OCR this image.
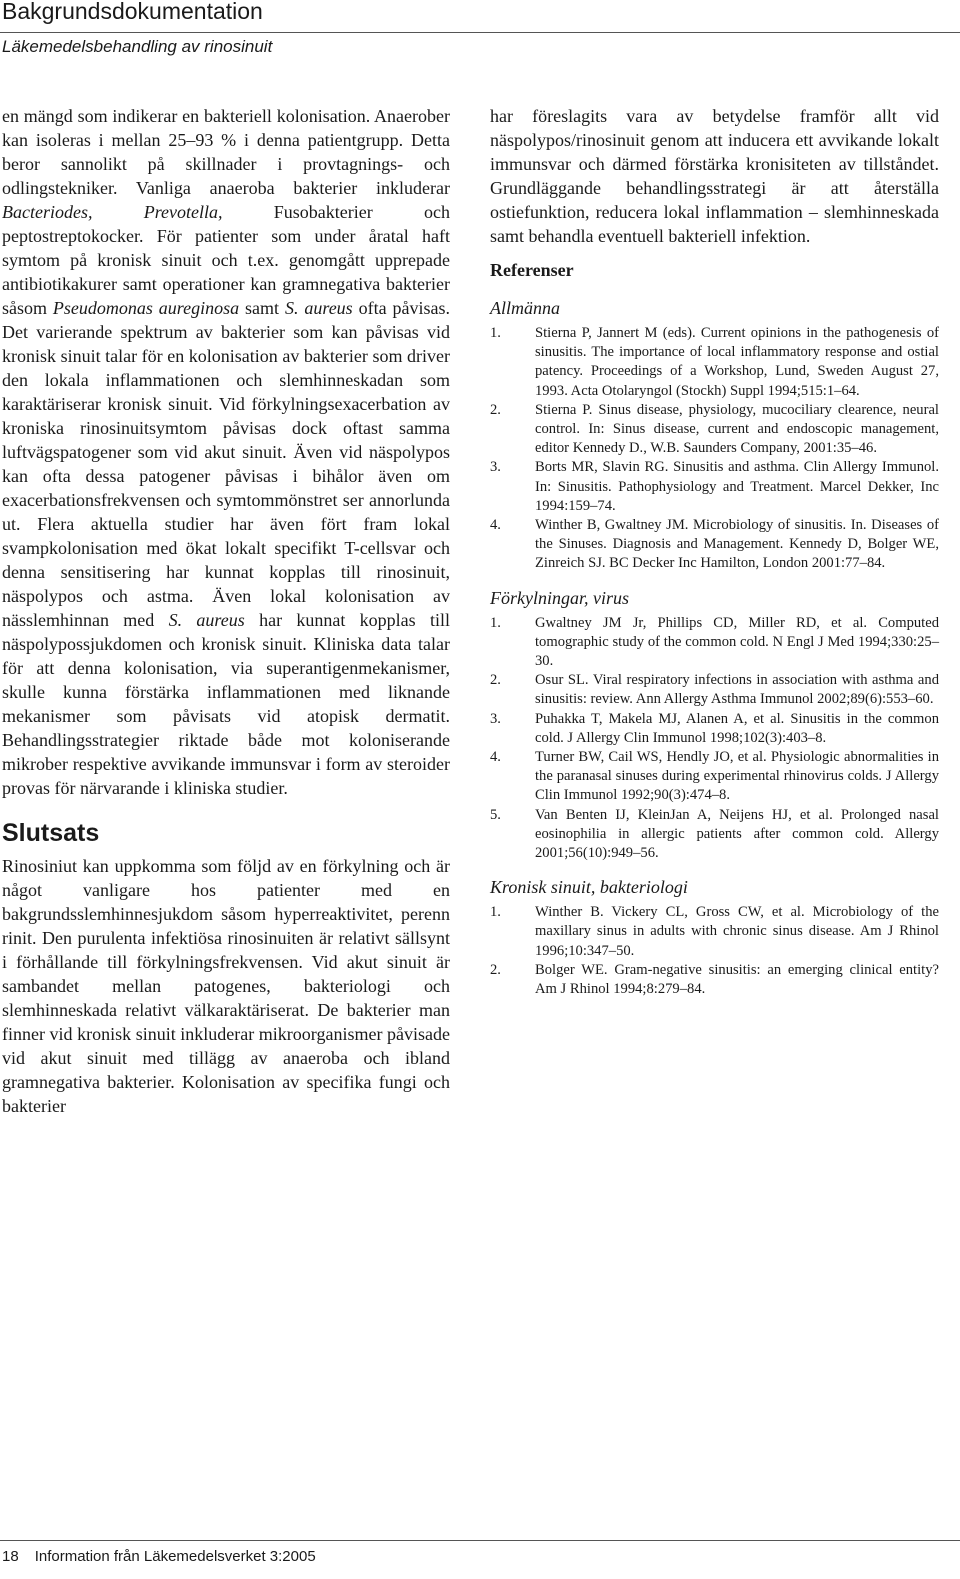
Bakgrundsdokumentation
Läkemedelsbehandling av rinosinuit

en mängd som indikerar en bakteriell kolonisation. Anaerober kan isoleras i mellan 25–93 % i denna patientgrupp. Detta beror sannolikt på skillnader i provtagnings- och odlingstekniker. Vanliga anaeroba bakterier inkluderar Bacteriodes, Prevotella, Fusobakterier och peptostreptokocker. För patienter som under åratal haft symtom på kronisk sinuit och t.ex. genomgått upprepade antibiotikakurer samt operationer kan gramnegativa bakterier såsom Pseudomonas aureginosa samt S. aureus ofta påvisas. Det varierande spektrum av bakterier som kan påvisas vid kronisk sinuit talar för en kolonisation av bakterier som driver den lokala inflammationen och slemhinneskadan som karaktäriserar kronisk sinuit. Vid förkylningsexacerbation av kroniska rinosinuitsymtom påvisas dock oftast samma luftvägspatogener som vid akut sinuit. Även vid näspolypos kan ofta dessa patogener påvisas i bihålor även om exacerbationsfrekvensen och symtommönstret ser annorlunda ut. Flera aktuella studier har även fört fram lokal svampkolonisation med ökat lokalt specifikt T-cellsvar och denna sensitisering har kunnat kopplas till rinosinuit, näspolypos och astma. Även lokal kolonisation av nässlemhinnan med S. aureus har kunnat kopplas till näspolypossjukdomen och kronisk sinuit. Kliniska data talar för att denna kolonisation, via superantigenmekanismer, skulle kunna förstärka inflammationen med liknande mekanismer som påvisats vid atopisk dermatit. Behandlingsstrategier riktade både mot koloniserande mikrober respektive avvikande immunsvar i form av steroider provas för närvarande i kliniska studier.

Slutsats

Rinosiniut kan uppkomma som följd av en förkylning och är något vanligare hos patienter med en bakgrundsslemhinnesjukdom såsom hyperreaktivitet, perenn rinit. Den purulenta infektiösa rinosinuiten är relativt sällsynt i förhållande till förkylningsfrekvensen. Vid akut sinuit är sambandet mellan patogenes, bakteriologi och slemhinneskada relativt välkaraktäriserat. De bakterier man finner vid kronisk sinuit inkluderar mikroorganismer påvisade vid akut sinuit med tillägg av anaeroba och ibland gramnegativa bakterier. Kolonisation av specifika fungi och bakterier

har föreslagits vara av betydelse framför allt vid näspolypos/rinosinuit genom att inducera ett avvikande lokalt immunsvar och därmed förstärka kronisiteten av tillståndet. Grundläggande behandlingsstrategi är att återställa ostiefunktion, reducera lokal inflammation – slemhinneskada samt behandla eventuell bakteriell infektion.

Referenser
Allmänna
1.	Stierna P, Jannert M (eds). Current opinions in the pathogenesis of sinusitis. The importance of local inflammatory response and ostial patency. Proceedings of a Workshop, Lund, Sweden August 27, 1993. Acta Otolaryngol (Stockh) Suppl 1994;515:1–64.
2.	Stierna P. Sinus disease, physiology, mucociliary clearence, neural control. In: Sinus disease, current and endoscopic management, editor Kennedy D., W.B. Saunders Company, 2001:35–46.
3.	Borts MR, Slavin RG. Sinusitis and asthma. Clin Allergy Immunol. In: Sinusitis. Pathophysiology and Treatment. Marcel Dekker, Inc 1994:159–74.
4.	Winther B, Gwaltney JM. Microbiology of sinusitis. In. Diseases of the Sinuses. Diagnosis and Management. Kennedy D, Bolger WE, Zinreich SJ. BC Decker Inc Hamilton, London 2001:77–84.
Förkylningar, virus
1.	Gwaltney JM Jr, Phillips CD, Miller RD, et al. Computed tomographic study of the common cold. N Engl J Med 1994;330:25–30.
2.	Osur SL. Viral respiratory infections in association with asthma and sinusitis: review. Ann Allergy Asthma Immunol 2002;89(6):553–60.
3.	Puhakka T, Makela MJ, Alanen A, et al. Sinusitis in the common cold. J Allergy Clin Immunol 1998;102(3):403–8.
4.	Turner BW, Cail WS, Hendly JO, et al. Physiologic abnormalities in the paranasal sinuses during experimental rhinovirus colds. J Allergy Clin Immunol 1992;90(3):474–8.
5.	Van Benten IJ, KleinJan A, Neijens HJ, et al. Prolonged nasal eosinophilia in allergic patients after common cold. Allergy 2001;56(10):949–56.
Kronisk sinuit, bakteriologi
1.	Winther B. Vickery CL, Gross CW, et al. Microbiology of the maxillary sinus in adults with chronic sinus disease. Am J Rhinol 1996;10:347–50.
2.	Bolger WE. Gram-negative sinusitis: an emerging clinical entity? Am J Rhinol 1994;8:279–84.
18 Information från Läkemedelsverket 3:2005
